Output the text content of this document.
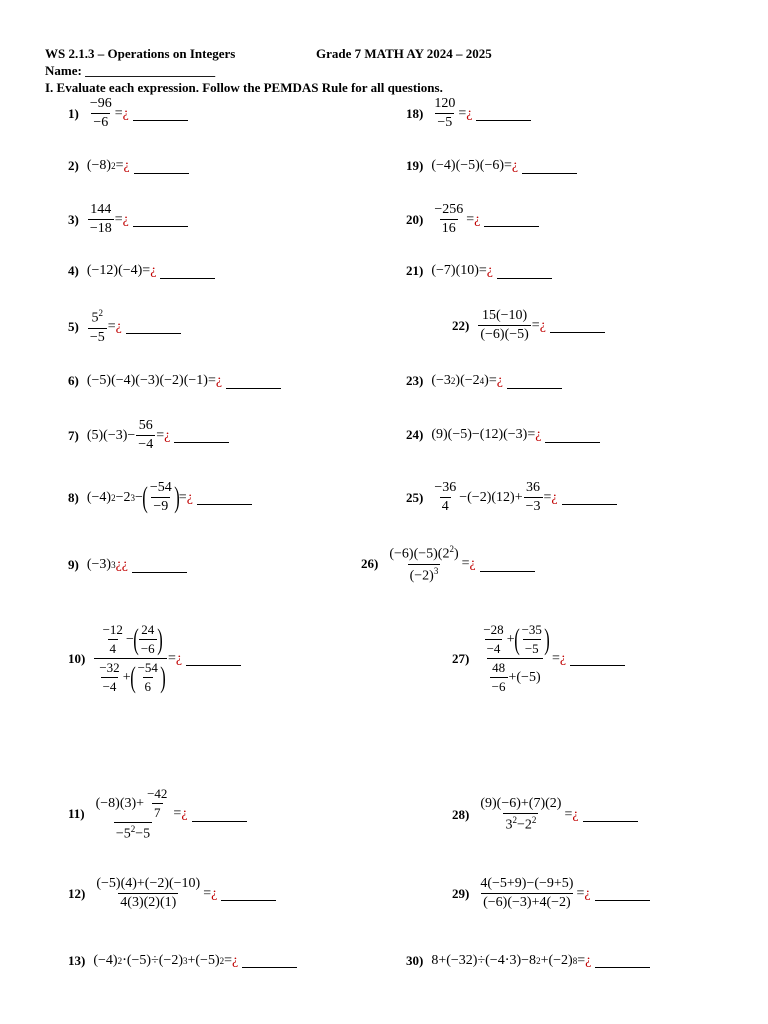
WS 2.1.3 – Operations on Integers	Grade 7 MATH AY 2024 – 2025
Name: ____________________
I. Evaluate each expression. Follow the PEMDAS Rule for all questions.
$1) \frac{-96}{-6}$ = ¿
2) (−8) 2 = ¿
$3) \frac{144}{-18}$ = ¿
4) (−12)(−4) = ¿
$5) \frac{5^2}{-5}$ = ¿
6) (−5)(−4)(−3)(−2)(−1) = ¿
7) $(5)(-3)- \frac{56}{-4}$ = ¿
8) (−4) 2 −2 3 − ( $\frac{-54}{-9}$ ) = ¿
9) (−3) 3 ¿ ¿
$10) \frac{\frac{-12}{4} - ( \frac{24}{-6} )}{\frac{-32}{-4} + ( \frac{-54}{6} )}$ = ¿
$11) \frac{(-8)(3)+ \frac{-42}{7}}{-5^2-5}$ = ¿
$12) \frac{(-5)(4)+(-2)(-10)}{4(3)(2)(1)}$ = ¿
13) (−4) 2 ⋅(−5)÷(−2) 3 +(−5) 2 = ¿
$18) \frac{120}{-5}$ = ¿
19) (−4)(−5)(−6) = ¿
$20) \frac{-256}{16}$ = ¿
21) (−7)(10) = ¿
$22) \frac{15(-10)}{(-6)(-5)}$ = ¿
23) (−3 2 )(−2 4 ) = ¿
24) (9)(−5)−(12)(−3) = ¿
$25) \frac{-36}{4} -(-2)(12)+ \frac{36}{-3}$ = ¿
$26) \frac{(-6)(-5)(2^2)}{(-2)^3}$ = ¿
$27) \frac{\frac{-28}{-4} + ( \frac{-35}{-5} )}{\frac{48}{-6} +(-5)}$ = ¿
$28) \frac{(9)(-6)+(7)(2)}{3^2-2^2}$ = ¿
$29) \frac{4(-5+9)-(-9+5)}{(-6)(-3)+4(-2)}$ = ¿
30) 8+(−32)÷(−4⋅3)−8 2 +(−2) 8 = ¿
